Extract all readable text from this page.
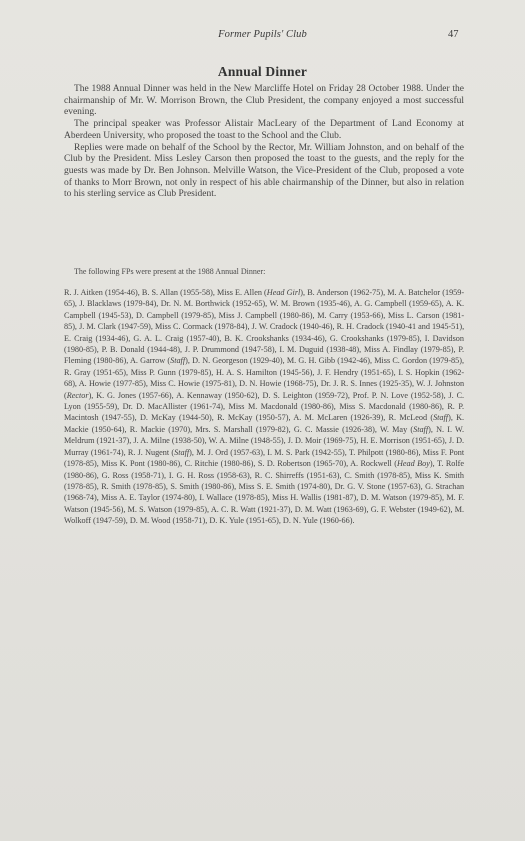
Former Pupils' Club	47
Annual Dinner

The 1988 Annual Dinner was held in the New Marcliffe Hotel on Friday 28 October 1988. Under the chairmanship of Mr. W. Morrison Brown, the Club President, the company enjoyed a most successful evening.

The principal speaker was Professor Alistair MacLeary of the Department of Land Economy at Aberdeen University, who proposed the toast to the School and the Club.

Replies were made on behalf of the School by the Rector, Mr. William Johnston, and on behalf of the Club by the President. Miss Lesley Carson then proposed the toast to the guests, and the reply for the guests was made by Dr. Ben Johnson. Melville Watson, the Vice-President of the Club, proposed a vote of thanks to Morr Brown, not only in respect of his able chairmanship of the Dinner, but also in relation to his sterling service as Club President.

The following FPs were present at the 1988 Annual Dinner:
R. J. Aitken (1954-46), B. S. Allan (1955-58), Miss E. Allen (Head Girl), B. Anderson (1962-75), M. A. Batchelor (1959-65), J. Blacklaws (1979-84), Dr. N. M. Borthwick (1952-65), W. M. Brown (1935-46), A. G. Campbell (1959-65), A. K. Campbell (1945-53), D. Campbell (1979-85), Miss J. Campbell (1980-86), M. Carry (1953-66), Miss L. Carson (1981-85), J. M. Clark (1947-59), Miss C. Cormack (1978-84), J. W. Cradock (1940-46), R. H. Cradock (1940-41 and 1945-51), E. Craig (1934-46), G. A. L. Craig (1957-40), B. K. Crookshanks (1934-46), G. Crookshanks (1979-85), I. Davidson (1980-85), P. B. Donald (1944-48), J. P. Drummond (1947-58), I. M. Duguid (1938-48), Miss A. Findlay (1979-85), P. Fleming (1980-86), A. Garrow (Staff), D. N. Georgeson (1929-40), M. G. H. Gibb (1942-46), Miss C. Gordon (1979-85), R. Gray (1951-65), Miss P. Gunn (1979-85), H. A. S. Hamilton (1945-56), J. F. Hendry (1951-65), I. S. Hopkin (1962-68), A. Howie (1977-85), Miss C. Howie (1975-81), D. N. Howie (1968-75), Dr. J. R. S. Innes (1925-35), W. J. Johnston (Rector), K. G. Jones (1957-66), A. Kennaway (1950-62), D. S. Leighton (1959-72), Prof. P. N. Love (1952-58), J. C. Lyon (1955-59), Dr. D. MacAllister (1961-74), Miss M. Macdonald (1980-86), Miss S. Macdonald (1980-86), R. P. Macintosh (1947-55), D. McKay (1944-50), R. McKay (1950-57), A. M. McLaren (1926-39), R. McLeod (Staff), K. Mackie (1950-64), R. Mackie (1970), Mrs. S. Marshall (1979-82), G. C. Massie (1926-38), W. May (Staff), N. I. W. Meldrum (1921-37), J. A. Milne (1938-50), W. A. Milne (1948-55), J. D. Moir (1969-75), H. E. Morrison (1951-65), J. D. Murray (1961-74), R. J. Nugent (Staff), M. J. Ord (1957-63), I. M. S. Park (1942-55), T. Philpott (1980-86), Miss F. Pont (1978-85), Miss K. Pont (1980-86), C. Ritchie (1980-86), S. D. Robertson (1965-70), A. Rockwell (Head Boy), T. Rolfe (1980-86), G. Ross (1958-71), I. G. H. Ross (1958-63), R. C. Shirreffs (1951-63), C. Smith (1978-85), Miss K. Smith (1978-85), R. Smith (1978-85), S. Smith (1980-86), Miss S. E. Smith (1974-80), Dr. G. V. Stone (1957-63), G. Strachan (1968-74), Miss A. E. Taylor (1974-80), I. Wallace (1978-85), Miss H. Wallis (1981-87), D. M. Watson (1979-85), M. F. Watson (1945-56), M. S. Watson (1979-85), A. C. R. Watt (1921-37), D. M. Watt (1963-69), G. F. Webster (1949-62), M. Wolkoff (1947-59), D. M. Wood (1958-71), D. K. Yule (1951-65), D. N. Yule (1960-66).
